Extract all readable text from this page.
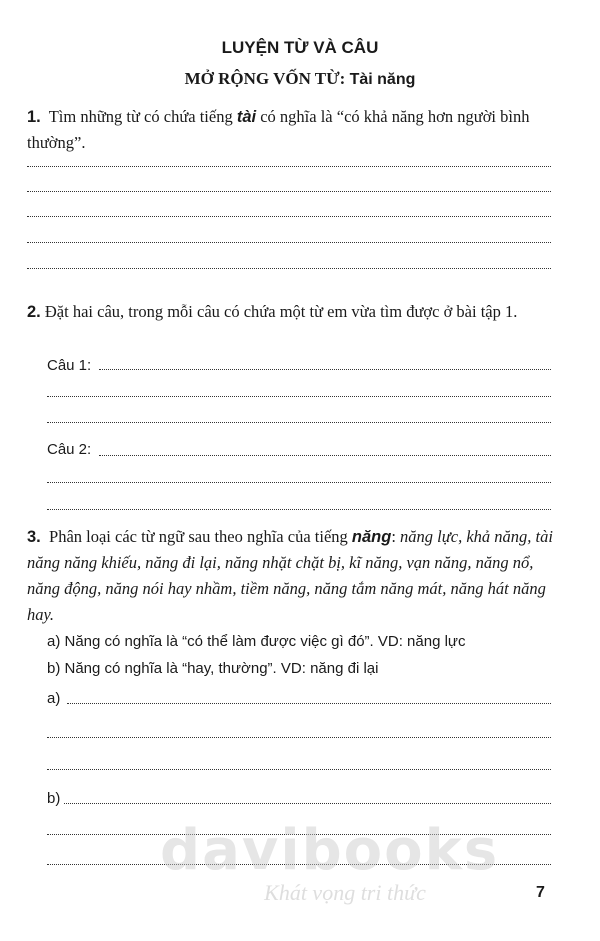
LUYỆN TỪ VÀ CÂU
MỞ RỘNG VỐN TỪ: Tài năng
1. Tìm những từ có chứa tiếng tài có nghĩa là “có khả năng hơn người bình thường”.
2. Đặt hai câu, trong mỗi câu có chứa một từ em vừa tìm được ở bài tập 1.
Câu 1:
Câu 2:
3. Phân loại các từ ngữ sau theo nghĩa của tiếng năng: năng lực, khả năng, tài năng năng khiếu, năng đi lại, năng nhặt chặt bị, kĩ năng, vạn năng, năng nổ, năng động, năng nói hay nhầm, tiềm năng, năng tắm năng mát, năng hát năng hay.
a) Năng có nghĩa là “có thể làm được việc gì đó”. VD: năng lực
b) Năng có nghĩa là “hay, thường”. VD: năng đi lại
a)
b)
davibooks
Khát vọng tri thức	7
